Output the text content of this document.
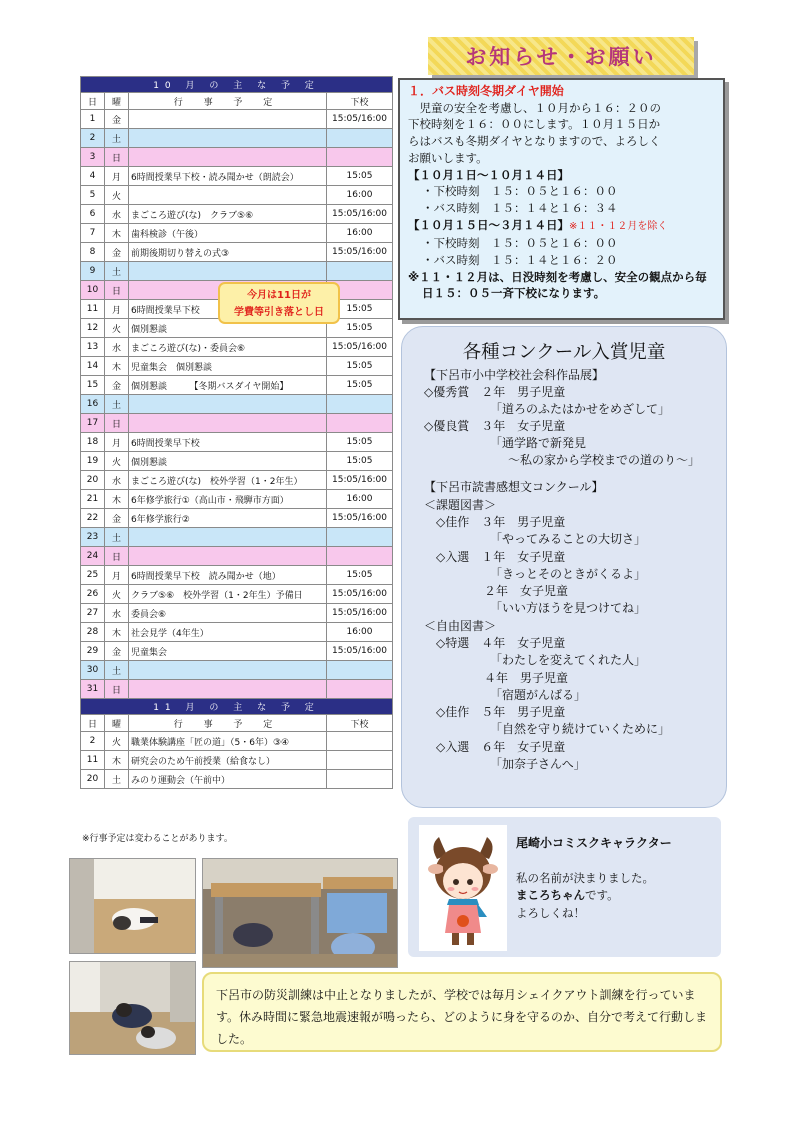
10 月 の 主 な 予 定			
日	曜	行 事 予 定	下校
1	金		15:05/16:00
2	土		
3	日		
4	月	6時間授業早下校・読み聞かせ（朗読会）	15:05
5	火		16:00
6	水	まごころ遊び(な)　クラブ⑤⑥	15:05/16:00
7	木	歯科検診（午後）	16:00
8	金	前期後期切り替えの式③	15:05/16:00
9	土		
10	日		
11	月	6時間授業早下校	15:05
12	火	個別懇談	15:05
13	水	まごころ遊び(な)・委員会⑥	15:05/16:00
14	木	児童集会　個別懇談	15:05
15	金	個別懇談　　　【冬期バスダイヤ開始】	15:05
16	土		
17	日		
18	月	6時間授業早下校	15:05
19	火	個別懇談	15:05
20	水	まごころ遊び(な)　校外学習（1・2年生）	15:05/16:00
21	木	6年修学旅行①（高山市・飛騨市方面）	16:00
22	金	6年修学旅行②	15:05/16:00
23	土		
24	日		
25	月	6時間授業早下校　読み聞かせ（地）	15:05
26	火	クラブ⑤⑥　校外学習（1・2年生）予備日	15:05/16:00
27	水	委員会⑥	15:05/16:00
28	木	社会見学（4年生）	16:00
29	金	児童集会	15:05/16:00
30	土		
31	日		
11 月 の 主 な 予 定			
日	曜	行 事 予 定	下校
2	火	職業体験講座「匠の道」（5・6年）③④	
11	木	研究会のため午前授業（給食なし）	
20	土	みのり運動会（午前中）	
※行事予定は変わることがあります。
今月は11日が
学費等引き落とし日
お知らせ・お願い
１．バス時刻冬期ダイヤ開始
児童の安全を考慮し、１０月から１６：２０の
下校時刻を１６：００にします。１０月１５日か
らはバスも冬期ダイヤとなりますので、よろしく
お願いします。
【１０月１日～１０月１４日】
・下校時刻　１５：０５と１６：００
・バス時刻　１５：１４と１６：３４
【１０月１５日～３月１４日】※１１・１２月を除く
・下校時刻　１５：０５と１６：００
・バス時刻　１５：１４と１６：２０
※１１・１２月は、日没時刻を考慮し、安全の観点から毎日１５：０５一斉下校になります。
各種コンクール入賞児童
【下呂市小中学校社会科作品展】
◇優秀賞　２年　男子児童
　　　　　　「道ろのふたはかせをめざして」
◇優良賞　３年　女子児童
　　　　　　「通学路で新発見
　　　　　　　～私の家から学校までの道のり～」
【下呂市読書感想文コンクール】
＜課題図書＞
　◇佳作　３年　男子児童
　　　　　　「やってみることの大切さ」
　◇入選　１年　女子児童
　　　　　　「きっとそのときがくるよ」
　　　　　２年　女子児童
　　　　　　「いい方ほうを見つけてね」
＜自由図書＞
　◇特選　４年　女子児童
　　　　　　「わたしを変えてくれた人」
　　　　　４年　男子児童
　　　　　　「宿題がんばる」
　◇佳作　５年　男子児童
　　　　　　「自然を守り続けていくために」
　◇入選　６年　女子児童
　　　　　　「加奈子さんへ」
尾崎小コミスクキャラクター
私の名前が決まりました。
まころちゃんです。
よろしくね！
下呂市の防災訓練は中止となりましたが、学校では毎月シェイクアウト訓練を行っています。休み時間に緊急地震速報が鳴ったら、どのように身を守るのか、自分で考えて行動しました。
